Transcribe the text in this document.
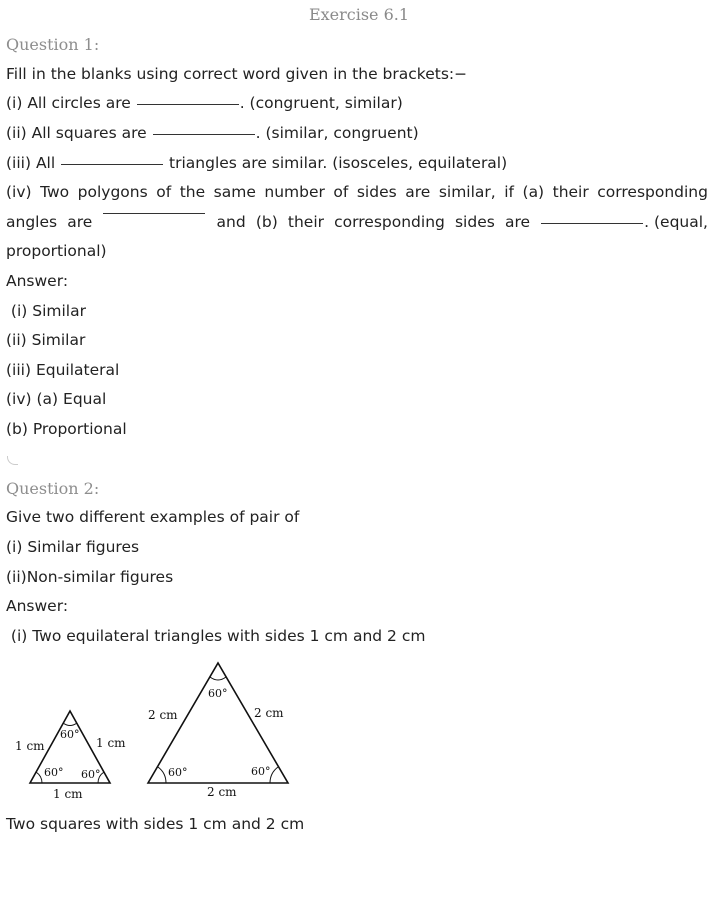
Exercise 6.1
Question 1:
Fill in the blanks using correct word given in the brackets:−
(i) All circles are	. (congruent, similar)
(ii) All squares are	. (similar, congruent)
(iii) All	triangles are similar. (isosceles, equilateral)
(iv) Two polygons of the same number of sides are similar, if (a) their corresponding
angles are	and (b) their corresponding sides are	. (equal,
proportional)
Answer:
(i) Similar
(ii) Similar
(iii) Equilateral
(iv) (a) Equal
(b) Proportional
Question 2:
Give two different examples of pair of
(i) Similar figures
(ii)Non-similar figures
Answer:
(i) Two equilateral triangles with sides 1 cm and 2 cm
1 cm	1 cm
1 cm
60°
60° 60°
2 cm	2 cm
2 cm
60°
60°	60°
Two squares with sides 1 cm and 2 cm
